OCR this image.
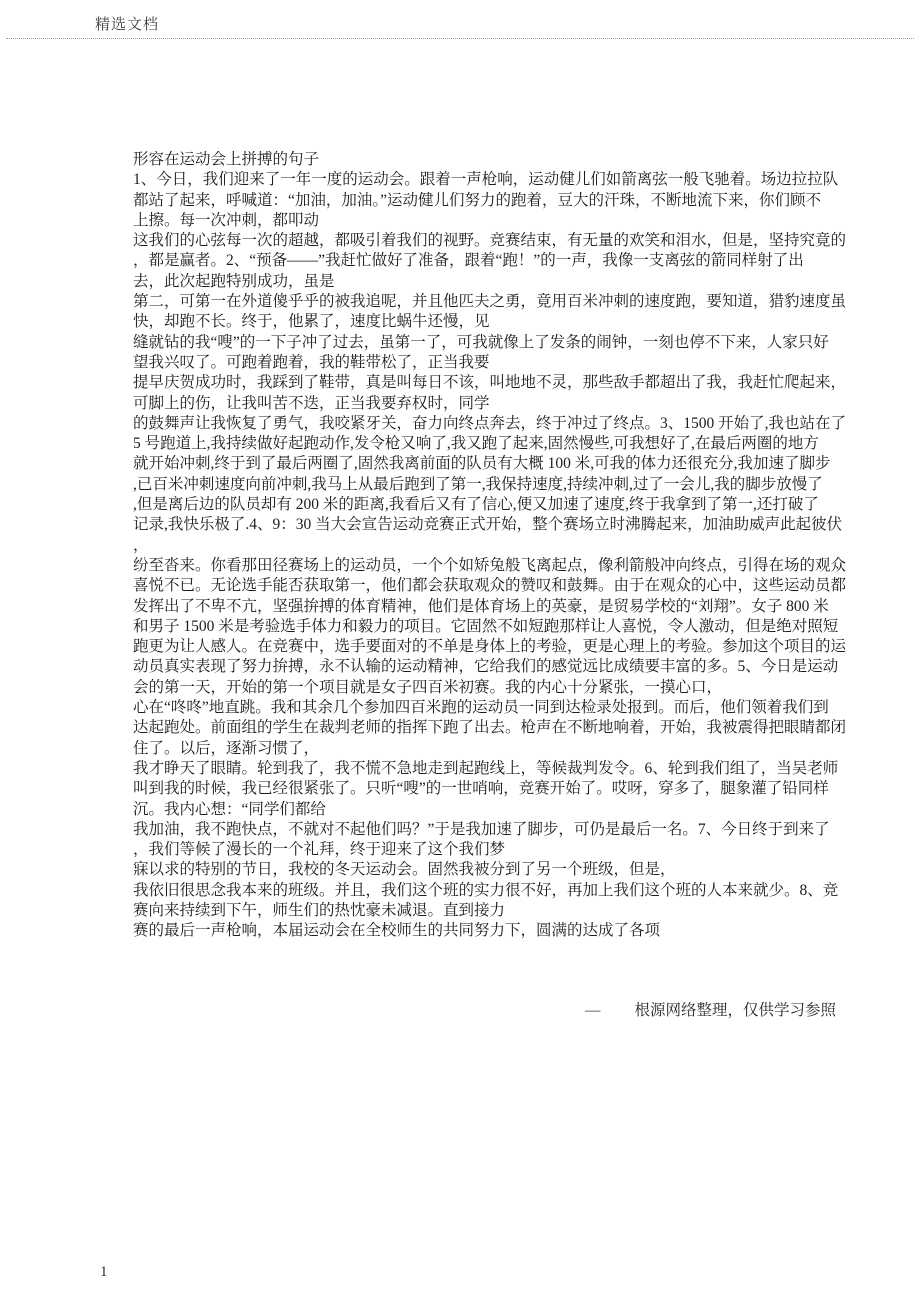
精选文档
形容在运动会上拼搏的句子
1、今日，我们迎来了一年一度的运动会。跟着一声枪响，运动健儿们如箭离弦一般飞驰着。场边拉拉队
都站了起来，呼喊道：“加油，加油。”运动健儿们努力的跑着，豆大的汗珠，不断地流下来，你们顾不
上擦。每一次冲刺，都叩动
这我们的心弦每一次的超越，都吸引着我们的视野。竞赛结束，有无量的欢笑和泪水，但是，坚持究竟的
，都是赢者。2、“预备——”我赶忙做好了准备，跟着“跑！”的一声，我像一支离弦的箭同样射了出
去，此次起跑特别成功，虽是
第二，可第一在外道傻乎乎的被我追呢，并且他匹夫之勇，竟用百米冲刺的速度跑，要知道，猎豹速度虽
快，却跑不长。终于，他累了，速度比蜗牛还慢，见
缝就钻的我“嗖”的一下子冲了过去，虽第一了，可我就像上了发条的闹钟，一刻也停不下来，人家只好
望我兴叹了。可跑着跑着，我的鞋带松了，正当我要
提早庆贺成功时，我踩到了鞋带，真是叫每日不该，叫地地不灵，那些敌手都超出了我，我赶忙爬起来，
可脚上的伤，让我叫苦不迭，正当我要弃权时，同学
的鼓舞声让我恢复了勇气，我咬紧牙关，奋力向终点奔去，终于冲过了终点。3、1500 开始了,我也站在了
5 号跑道上,我持续做好起跑动作,发令枪又响了,我又跑了起来,固然慢些,可我想好了,在最后两圈的地方
就开始冲刺,终于到了最后两圈了,固然我离前面的队员有大概 100 米,可我的体力还很充分,我加速了脚步
,已百米冲刺速度向前冲刺,我马上从最后跑到了第一,我保持速度,持续冲刺,过了一会儿,我的脚步放慢了
,但是离后边的队员却有 200 米的距离,我看后又有了信心,便又加速了速度,终于我拿到了第一,还打破了
记录,我快乐极了.4、9：30 当大会宣告运动竞赛正式开始，整个赛场立时沸腾起来，加油助威声此起彼伏
，
纷至沓来。你看那田径赛场上的运动员，一个个如矫兔般飞离起点，像利箭般冲向终点，引得在场的观众
喜悦不已。无论选手能否获取第一，他们都会获取观众的赞叹和鼓舞。由于在观众的心中，这些运动员都
发挥出了不卑不亢，坚强拚搏的体育精神，他们是体育场上的英豪，是贸易学校的“刘翔”。女子 800 米
和男子 1500 米是考验选手体力和毅力的项目。它固然不如短跑那样让人喜悦，令人激动，但是绝对照短
跑更为让人感人。在竞赛中，选手要面对的不单是身体上的考验，更是心理上的考验。参加这个项目的运
动员真实表现了努力拚搏，永不认输的运动精神，它给我们的感觉远比成绩要丰富的多。5、今日是运动
会的第一天，开始的第一个项目就是女子四百米初赛。我的内心十分紧张，一摸心口，
心在“咚咚”地直跳。我和其余几个参加四百米跑的运动员一同到达检录处报到。而后，他们领着我们到
达起跑处。前面组的学生在裁判老师的指挥下跑了出去。枪声在不断地响着，开始，我被震得把眼睛都闭
住了。以后，逐渐习惯了，
我才睁天了眼睛。轮到我了，我不慌不急地走到起跑线上，等候裁判发令。6、轮到我们组了，当吴老师
叫到我的时候，我已经很紧张了。只听“嗖”的一世哨响，竞赛开始了。哎呀，穿多了，腿象灌了铅同样
沉。我内心想：“同学们都给
我加油，我不跑快点，不就对不起他们吗？”于是我加速了脚步，可仍是最后一名。7、今日终于到来了
，我们等候了漫长的一个礼拜，终于迎来了这个我们梦
寐以求的特别的节日，我校的冬天运动会。固然我被分到了另一个班级，但是，
我依旧很思念我本来的班级。并且，我们这个班的实力很不好，再加上我们这个班的人本来就少。8、竞
赛向来持续到下午，师生们的热忱豪未减退。直到接力
赛的最后一声枪响，本届运动会在全校师生的共同努力下，圆满的达成了各项
— 根源网络整理，仅供学习参照
1
